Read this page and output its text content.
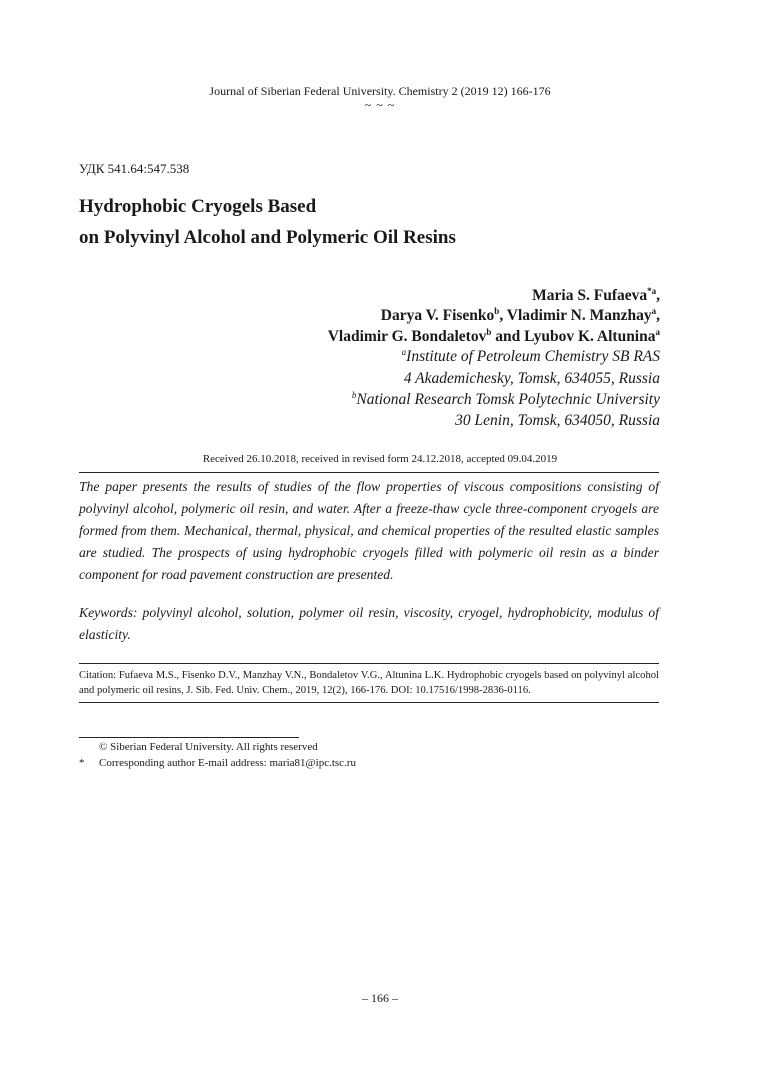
Journal of Siberian Federal University. Chemistry 2 (2019 12) 166-176
~ ~ ~
УДК 541.64:547.538
Hydrophobic Cryogels Based
on Polyvinyl Alcohol and Polymeric Oil Resins
Maria S. Fufaeva$^{*a}$,
Darya V. Fisenko$^b$, Vladimir N. Manzhay$^a$,
Vladimir G. Bondaletov$^b$ and Lyubov K. Altunina$^a$
$^a$Institute of Petroleum Chemistry SB RAS
4 Akademichesky, Tomsk, 634055, Russia
$^b$National Research Tomsk Polytechnic University
30 Lenin, Tomsk, 634050, Russia
Received 26.10.2018, received in revised form 24.12.2018, accepted 09.04.2019

The paper presents the results of studies of the flow properties of viscous compositions consisting of polyvinyl alcohol, polymeric oil resin, and water. After a freeze-thaw cycle three-component cryogels are formed from them. Mechanical, thermal, physical, and chemical properties of the resulted elastic samples are studied. The prospects of using hydrophobic cryogels filled with polymeric oil resin as a binder component for road pavement construction are presented.

Keywords: polyvinyl alcohol, solution, polymer oil resin, viscosity, cryogel, hydrophobicity, modulus of elasticity.

Citation: Fufaeva M.S., Fisenko D.V., Manzhay V.N., Bondaletov V.G., Altunina L.K. Hydrophobic cryogels based on polyvinyl alcohol and polymeric oil resins, J. Sib. Fed. Univ. Chem., 2019, 12(2), 166-176. DOI: 10.17516/1998-2836-0116.

© Siberian Federal University. All rights reserved
* Corresponding author E-mail address: maria81@ipc.tsc.ru
– 166 –
